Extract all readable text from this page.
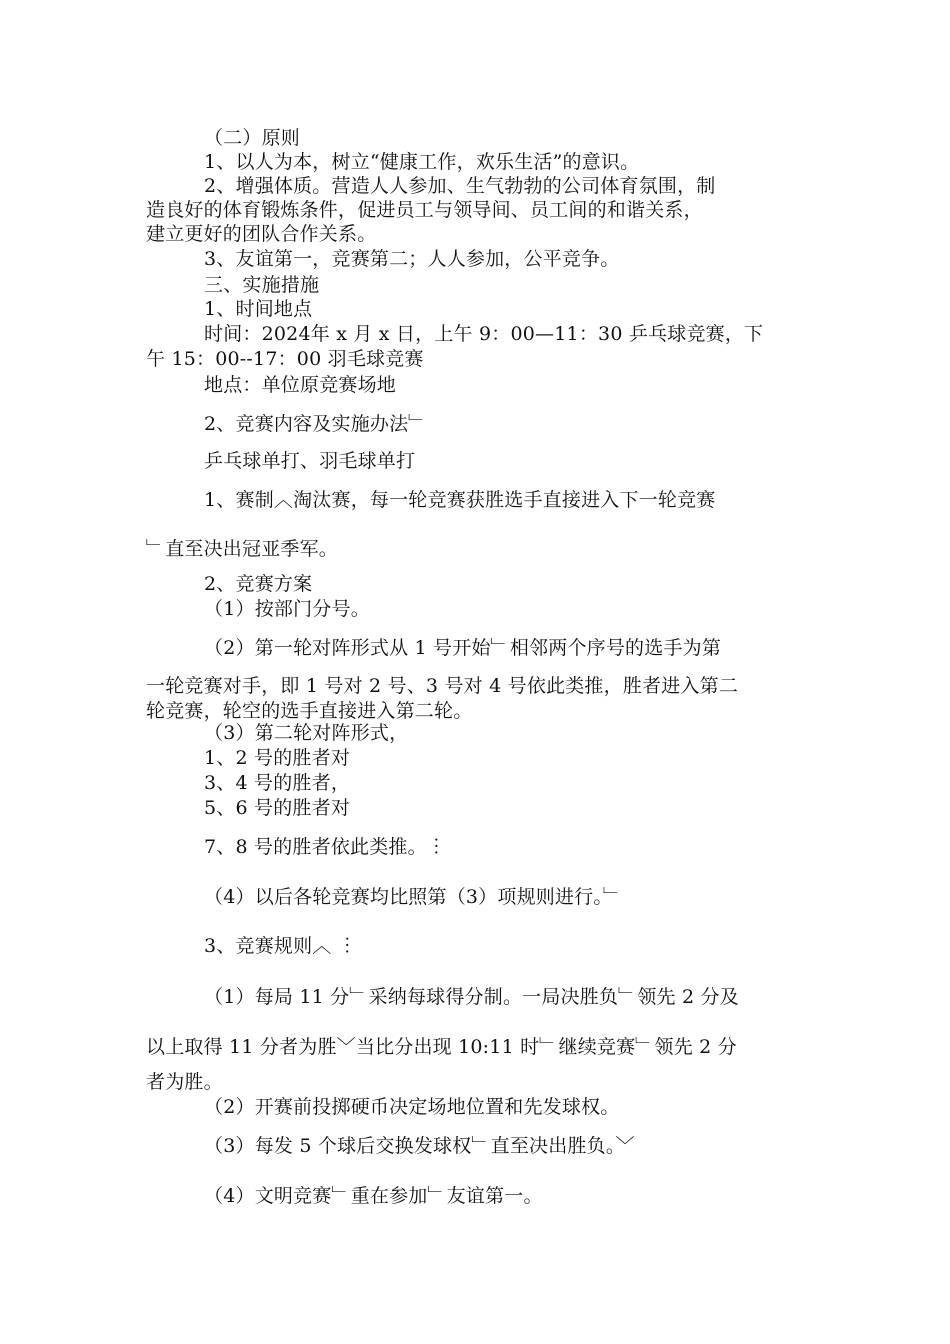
（二）原则
1、以人为本，树立“健康工作，欢乐生活”的意识。
2、增强体质。营造人人参加、生气勃勃的公司体育氛围，制
造良好的体育锻炼条件，促进员工与领导间、员工间的和谐关系，
建立更好的团队合作关系。
3、友谊第一，竞赛第二；人人参加，公平竞争。
三、实施措施
1、时间地点
时间：2024年 x 月 x 日，上午 9：00—11：30 乒乓球竞赛，下
午 15：00--17：00 羽毛球竞赛
地点：单位原竞赛场地
2、竞赛内容及实施办法﹂
乒乓球单打、羽毛球单打
1、赛制︿淘汰赛，每一轮竞赛获胜选手直接进入下一轮竞赛
﹂直至决出冠亚季军。
2、竞赛方案
（1）按部门分号。
（2）第一轮对阵形式从 1 号开始﹂相邻两个序号的选手为第
一轮竞赛对手，即 1 号对 2 号、3 号对 4 号依此类推，胜者进入第二
轮竞赛，轮空的选手直接进入第二轮。
（3）第二轮对阵形式，
1、2 号的胜者对
3、4 号的胜者，
5、6 号的胜者对
7、8 号的胜者依此类推。︙
（4）以后各轮竞赛均比照第（3）项规则进行。﹂
3、竞赛规则︿ ︙
（1）每局 11 分﹂采纳每球得分制。一局决胜负﹂领先 2 分及
以上取得 11 分者为胜﹀当比分出现 10:11 时﹂继续竞赛﹂领先 2 分
者为胜。
（2）开赛前投掷硬币决定场地位置和先发球权。
（3）每发 5 个球后交换发球权﹂直至决出胜负。﹀
（4）文明竞赛﹂重在参加﹂友谊第一。
